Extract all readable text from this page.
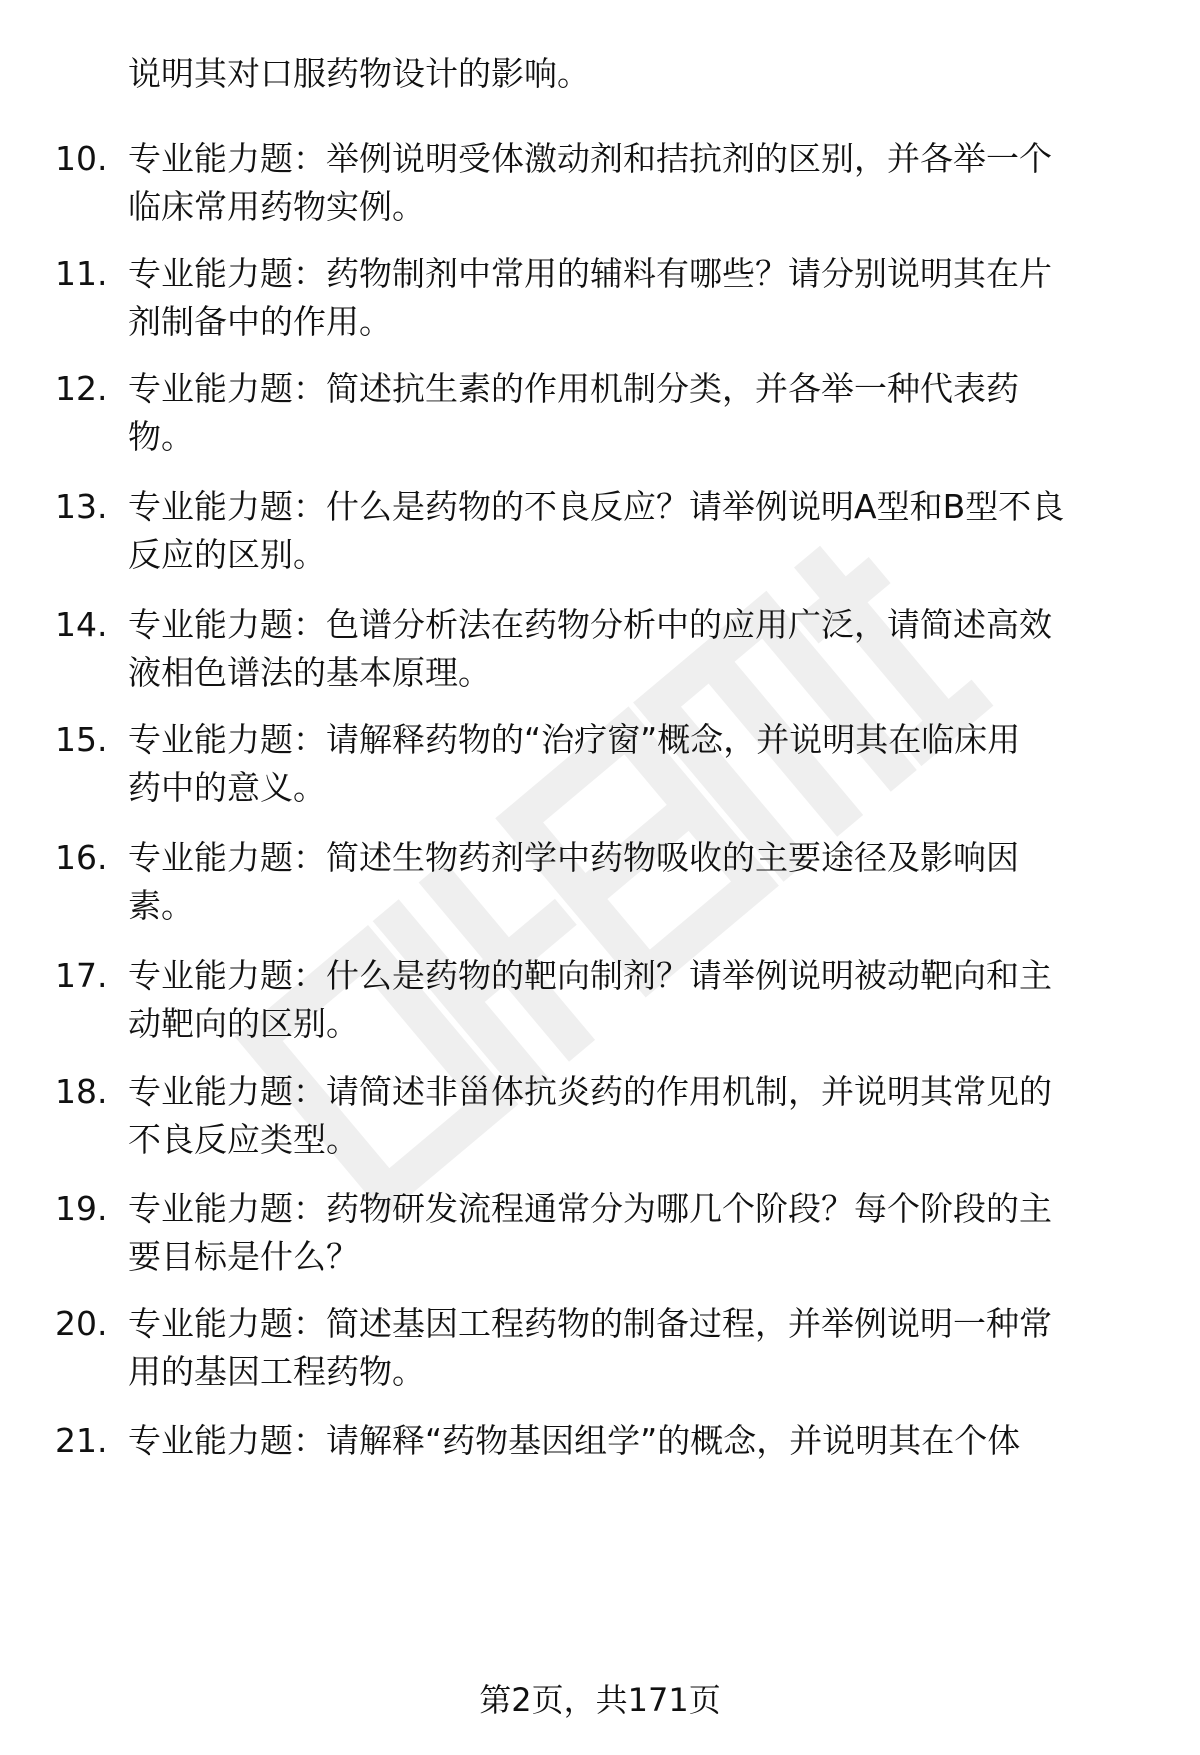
说明其对口服药物设计的影响。
10. 专业能力题：举例说明受体激动剂和拮抗剂的区别，并各举一个
临床常用药物实例。
11. 专业能力题：药物制剂中常用的辅料有哪些？请分别说明其在片
剂制备中的作用。
12. 专业能力题：简述抗生素的作用机制分类，并各举一种代表药
物。
13. 专业能力题：什么是药物的不良反应？请举例说明A型和B型不良
反应的区别。
14. 专业能力题：色谱分析法在药物分析中的应用广泛，请简述高效
液相色谱法的基本原理。
15. 专业能力题：请解释药物的“治疗窗”概念，并说明其在临床用
药中的意义。
16. 专业能力题：简述生物药剂学中药物吸收的主要途径及影响因
素。
17. 专业能力题：什么是药物的靶向制剂？请举例说明被动靶向和主
动靶向的区别。
18. 专业能力题：请简述非甾体抗炎药的作用机制，并说明其常见的
不良反应类型。
19. 专业能力题：药物研发流程通常分为哪几个阶段？每个阶段的主
要目标是什么？
20. 专业能力题：简述基因工程药物的制备过程，并举例说明一种常
用的基因工程药物。
21. 专业能力题：请解释“药物基因组学”的概念，并说明其在个体
第2页，共171页
